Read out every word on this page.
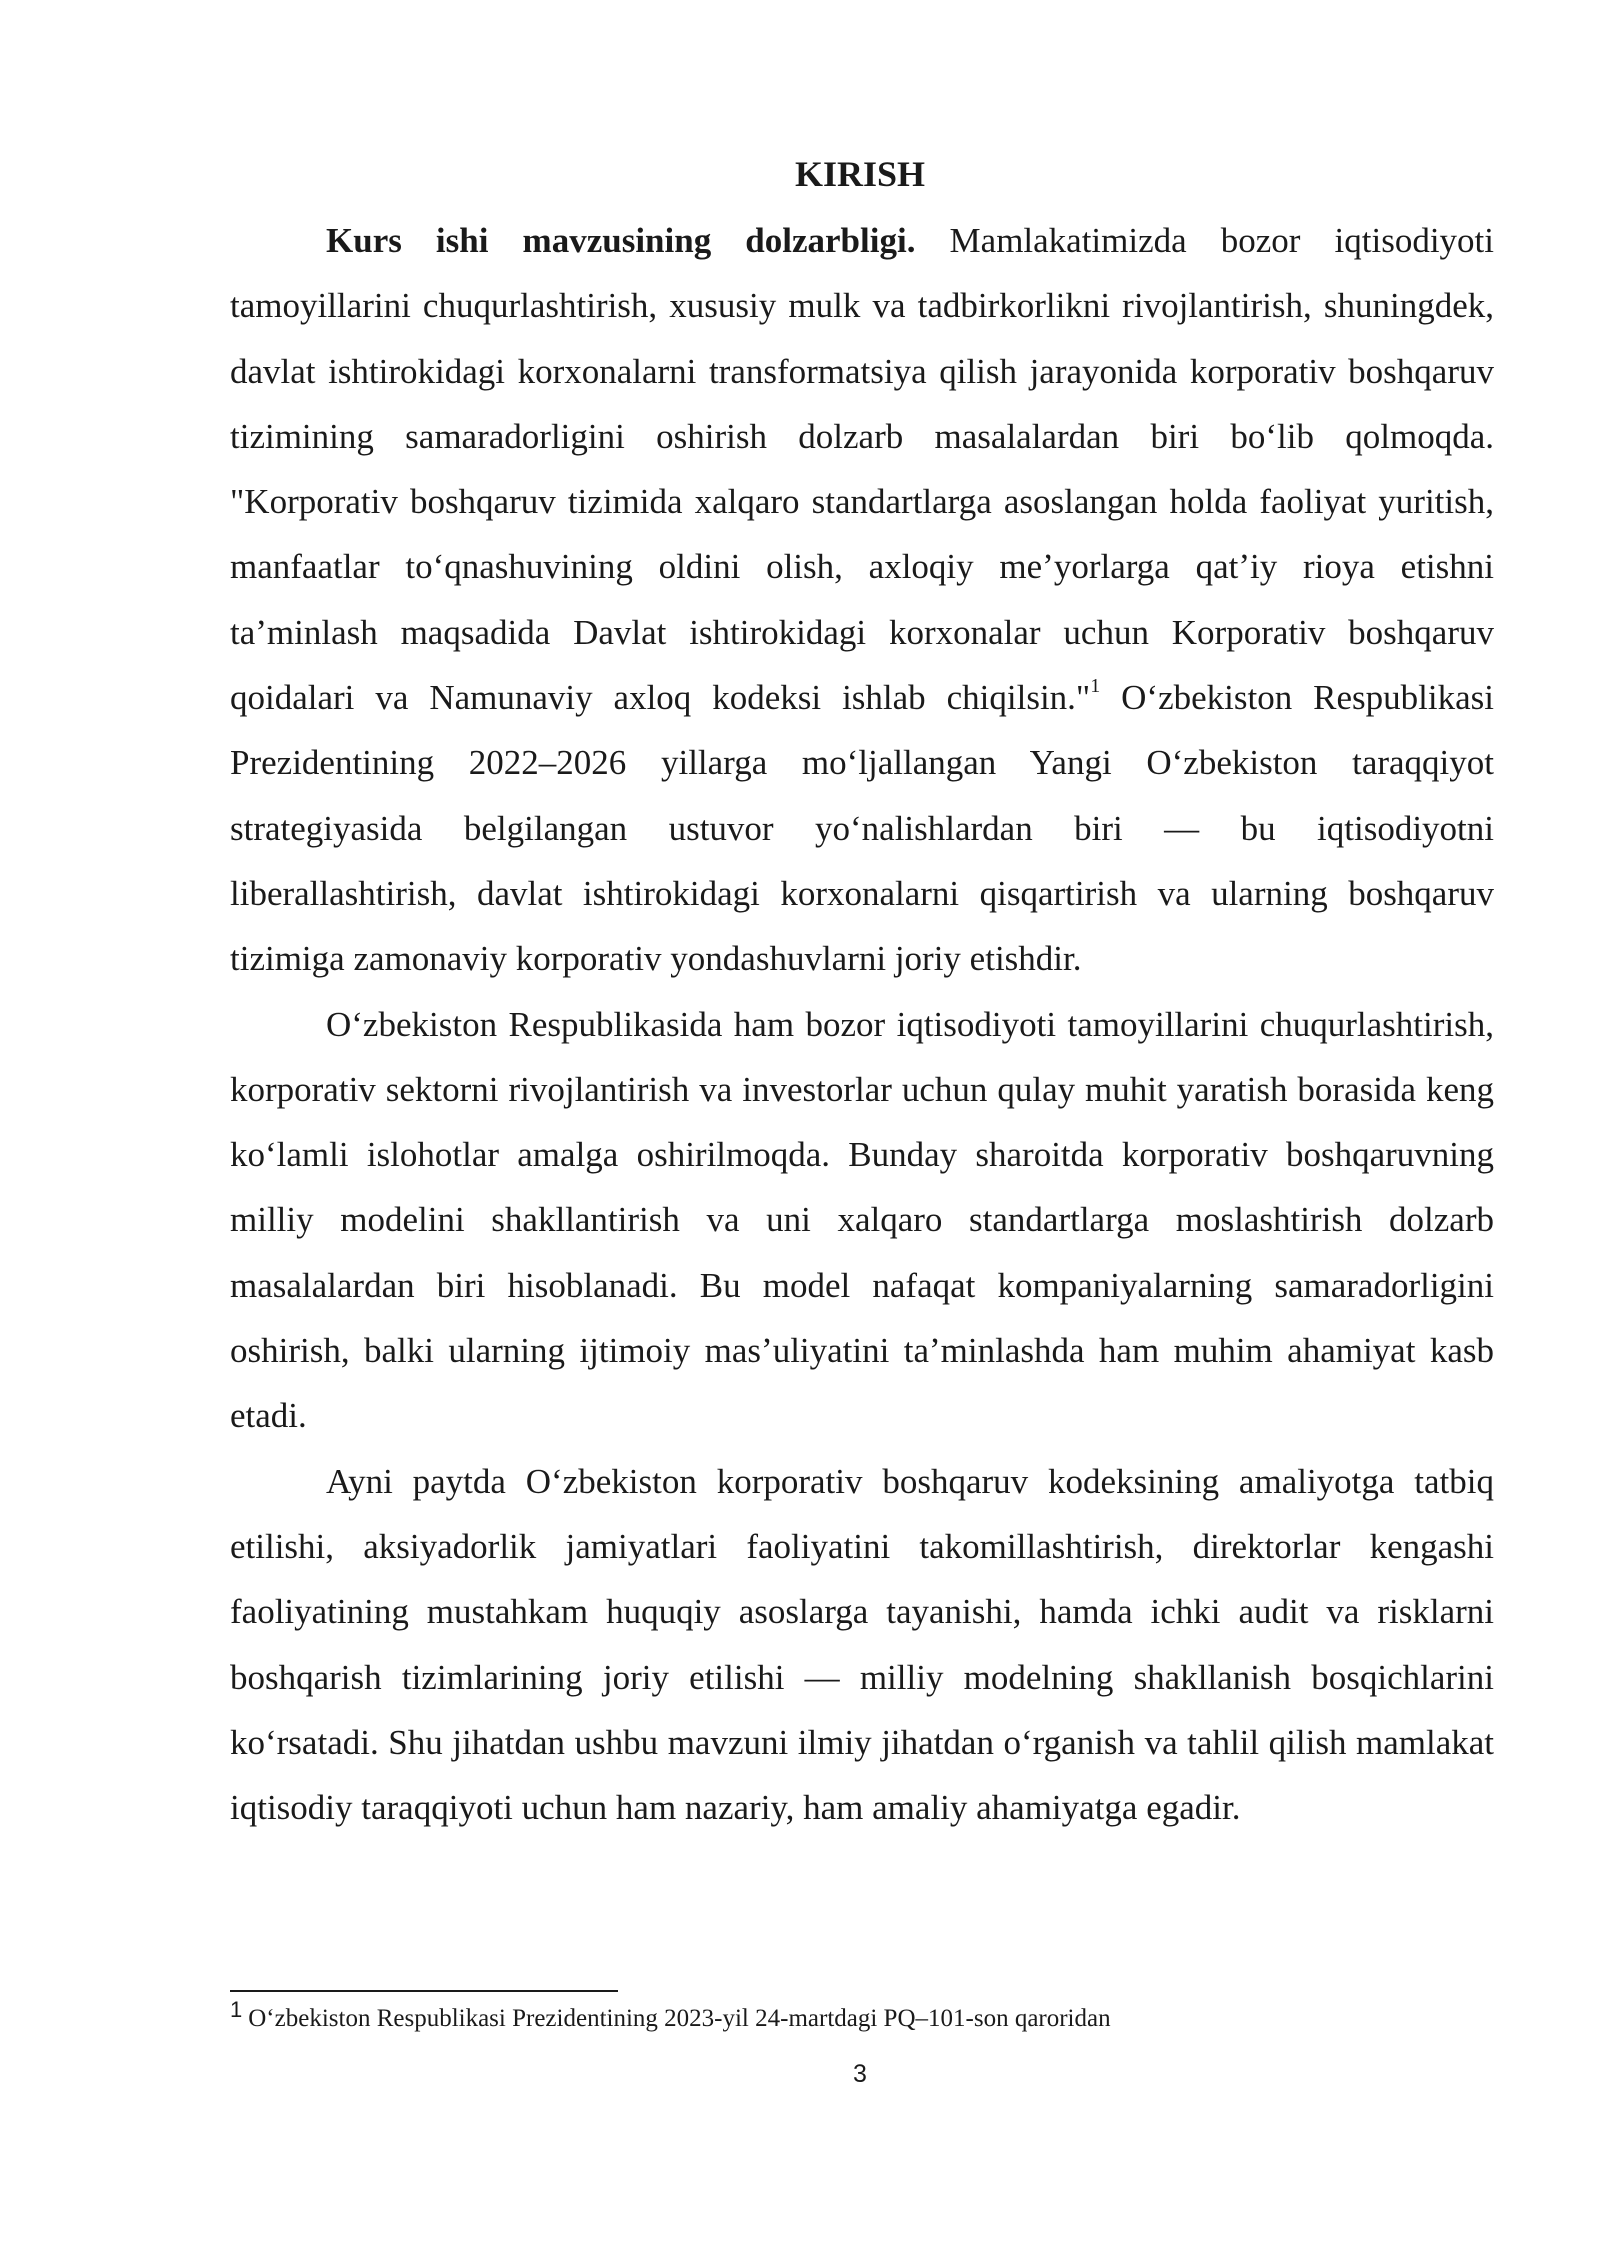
KIRISH

Kurs ishi mavzusining dolzarbligi. Mamlakatimizda bozor iqtisodiyoti tamoyillarini chuqurlashtirish, xususiy mulk va tadbirkorlikni rivojlantirish, shuningdek, davlat ishtirokidagi korxonalarni transformatsiya qilish jarayonida korporativ boshqaruv tizimining samaradorligini oshirish dolzarb masalalardan biri boʻlib qolmoqda. "Korporativ boshqaruv tizimida xalqaro standartlarga asoslangan holda faoliyat yuritish, manfaatlar toʻqnashuvining oldini olish, axloqiy meʼyorlarga qatʼiy rioya etishni taʼminlash maqsadida Davlat ishtirokidagi korxonalar uchun Korporativ boshqaruv qoidalari va Namunaviy axloq kodeksi ishlab chiqilsin."$^1$ Oʻzbekiston Respublikasi Prezidentining 2022–2026 yillarga moʻljallangan Yangi Oʻzbekiston taraqqiyot strategiyasida belgilangan ustuvor yoʻnalishlardan biri — bu iqtisodiyotni liberallashtirish, davlat ishtirokidagi korxonalarni qisqartirish va ularning boshqaruv tizimiga zamonaviy korporativ yondashuvlarni joriy etishdir.

Oʻzbekiston Respublikasida ham bozor iqtisodiyoti tamoyillarini chuqurlashtirish, korporativ sektorni rivojlantirish va investorlar uchun qulay muhit yaratish borasida keng koʻlamli islohotlar amalga oshirilmoqda. Bunday sharoitda korporativ boshqaruvning milliy modelini shakllantirish va uni xalqaro standartlarga moslashtirish dolzarb masalalardan biri hisoblanadi. Bu model nafaqat kompaniyalarning samaradorligini oshirish, balki ularning ijtimoiy masʼuliyatini taʼminlashda ham muhim ahamiyat kasb etadi.

Ayni paytda Oʻzbekiston korporativ boshqaruv kodeksining amaliyotga tatbiq etilishi, aksiyadorlik jamiyatlari faoliyatini takomillashtirish, direktorlar kengashi faoliyatining mustahkam huquqiy asoslarga tayanishi, hamda ichki audit va risklarni boshqarish tizimlarining joriy etilishi — milliy modelning shakllanish bosqichlarini koʻrsatadi. Shu jihatdan ushbu mavzuni ilmiy jihatdan oʻrganish va tahlil qilish mamlakat iqtisodiy taraqqiyoti uchun ham nazariy, ham amaliy ahamiyatga egadir.

1 Oʻzbekiston Respublikasi Prezidentining 2023-yil 24-martdagi PQ–101-son qaroridan

3
